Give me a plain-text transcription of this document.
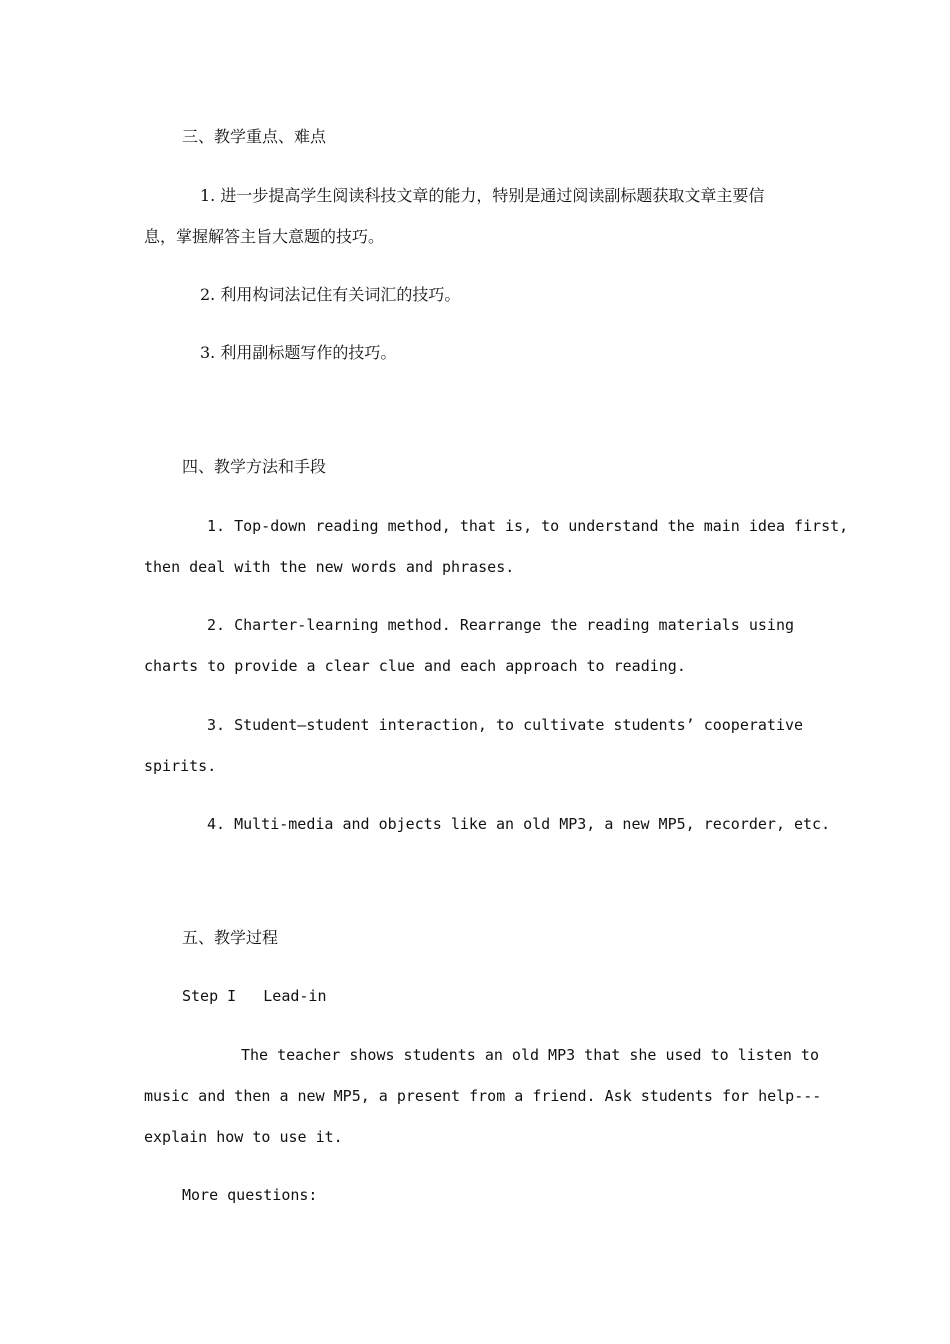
三、教学重点、难点

1. 进一步提高学生阅读科技文章的能力，特别是通过阅读副标题获取文章主要信

息，掌握解答主旨大意题的技巧。

2. 利用构词法记住有关词汇的技巧。

3. 利用副标题写作的技巧。

四、教学方法和手段

1. Top-down reading method, that is, to understand the main idea first,

then deal with the new words and phrases.

2. Charter-learning method. Rearrange the reading materials using

charts to provide a clear clue and each approach to reading.

3. Student—student interaction, to cultivate students’ cooperative

spirits.

4. Multi-media and objects like an old MP3, a new MP5, recorder, etc.

五、教学过程

Step I   Lead-in

The teacher shows students an old MP3 that she used to listen to

music and then a new MP5, a present from a friend. Ask students for help---

explain how to use it.

More questions:
